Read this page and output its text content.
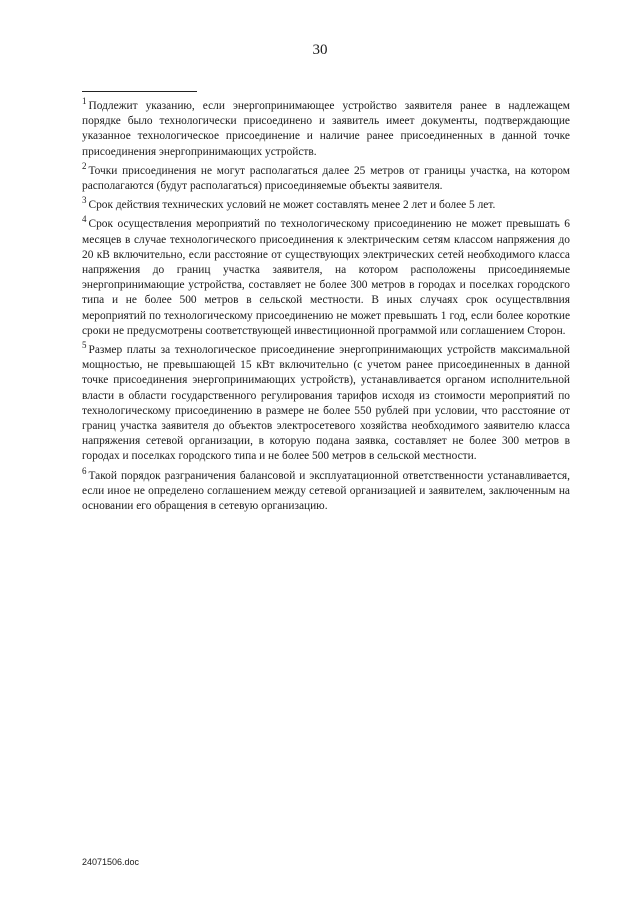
30

$^1$ Подлежит указанию, если энергопринимающее устройство заявителя ранее в надлежащем порядке было технологически присоединено и заявитель имеет документы, подтверждающие указанное технологическое присоединение и наличие ранее присоединенных в данной точке присоединения энергопринимающих устройств.

$^2$ Точки присоединения не могут располагаться далее 25 метров от границы участка, на котором располагаются (будут располагаться) присоединяемые объекты заявителя.

$^3$ Срок действия технических условий не может составлять менее 2 лет и более 5 лет.

$^4$ Срок осуществления мероприятий по технологическому присоединению не может превышать 6 месяцев в случае технологического присоединения к электрическим сетям классом напряжения до 20 кВ включительно, если расстояние от существующих электрических сетей необходимого класса напряжения до границ участка заявителя, на котором расположены присоединяемые энергопринимающие устройства, составляет не более 300 метров в городах и поселках городского типа и не более 500 метров в сельской местности. В иных случаях срок осуществлвния мероприятий по технологическому присоединению не может превышать 1 год, если более короткие сроки не предусмотрены соответствующей инвестиционной программой или соглашением Сторон.

$^5$ Размер платы за технологическое присоединение энергопринимающих устройств максимальной мощностью, не превышающей 15 кВт включительно (с учетом ранее присоединенных в данной точке присоединения энергопринимающих устройств), устанавливается органом исполнительной власти в области государственного регулирования тарифов исходя из стоимости мероприятий по технологическому присоединению в размере не более 550 рублей при условии, что расстояние от границ участка заявителя до объектов электросетевого хозяйства необходимого заявителю класса напряжения сетевой организации, в которую подана заявка, составляет не более 300 метров в городах и поселках городского типа и не более 500 метров в сельской местности.

$^6$ Такой порядок разграничения балансовой и эксплуатационной ответственности устанавливается, если иное не определено соглашением между сетевой организацией и заявителем, заключенным на основании его обращения в сетевую организацию.

24071506.doc
